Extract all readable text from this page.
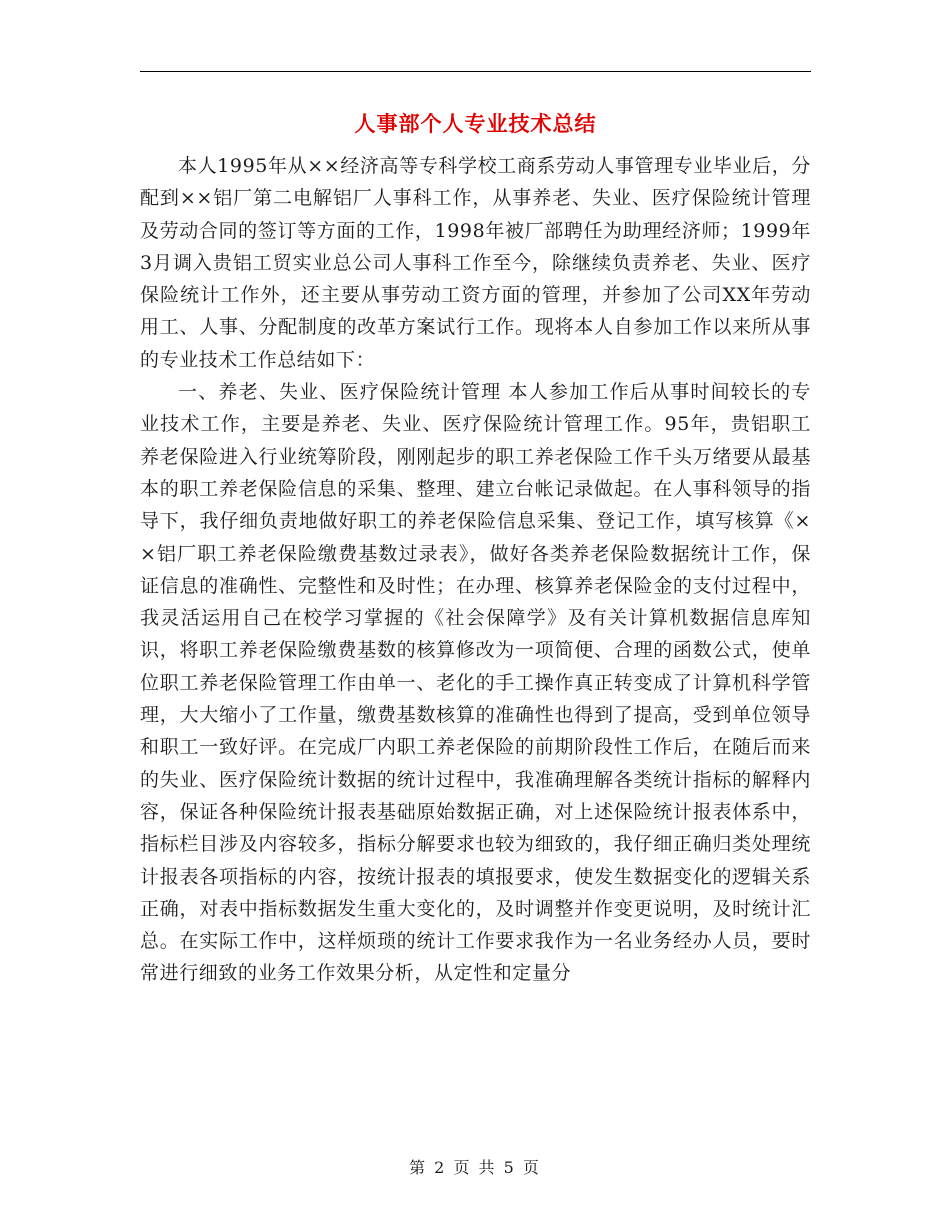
人事部个人专业技术总结

本人1995年从××经济高等专科学校工商系劳动人事管理专业毕业后，分配到××铝厂第二电解铝厂人事科工作，从事养老、失业、医疗保险统计管理及劳动合同的签订等方面的工作，1998年被厂部聘任为助理经济师；1999年3月调入贵铝工贸实业总公司人事科工作至今，除继续负责养老、失业、医疗保险统计工作外，还主要从事劳动工资方面的管理，并参加了公司XX年劳动用工、人事、分配制度的改革方案试行工作。现将本人自参加工作以来所从事的专业技术工作总结如下：

一、养老、失业、医疗保险统计管理 本人参加工作后从事时间较长的专业技术工作，主要是养老、失业、医疗保险统计管理工作。95年，贵铝职工养老保险进入行业统筹阶段，刚刚起步的职工养老保险工作千头万绪要从最基本的职工养老保险信息的采集、整理、建立台帐记录做起。在人事科领导的指导下，我仔细负责地做好职工的养老保险信息采集、登记工作，填写核算《××铝厂职工养老保险缴费基数过录表》，做好各类养老保险数据统计工作，保证信息的准确性、完整性和及时性；在办理、核算养老保险金的支付过程中，我灵活运用自己在校学习掌握的《社会保障学》及有关计算机数据信息库知识，将职工养老保险缴费基数的核算修改为一项简便、合理的函数公式，使单位职工养老保险管理工作由单一、老化的手工操作真正转变成了计算机科学管理，大大缩小了工作量，缴费基数核算的准确性也得到了提高，受到单位领导和职工一致好评。在完成厂内职工养老保险的前期阶段性工作后，在随后而来的失业、医疗保险统计数据的统计过程中，我准确理解各类统计指标的解释内容，保证各种保险统计报表基础原始数据正确，对上述保险统计报表体系中，指标栏目涉及内容较多，指标分解要求也较为细致的，我仔细正确归类处理统计报表各项指标的内容，按统计报表的填报要求，使发生数据变化的逻辑关系正确，对表中指标数据发生重大变化的，及时调整并作变更说明，及时统计汇总。在实际工作中，这样烦琐的统计工作要求我作为一名业务经办人员，要时常进行细致的业务工作效果分析，从定性和定量分

第 2 页 共 5 页
